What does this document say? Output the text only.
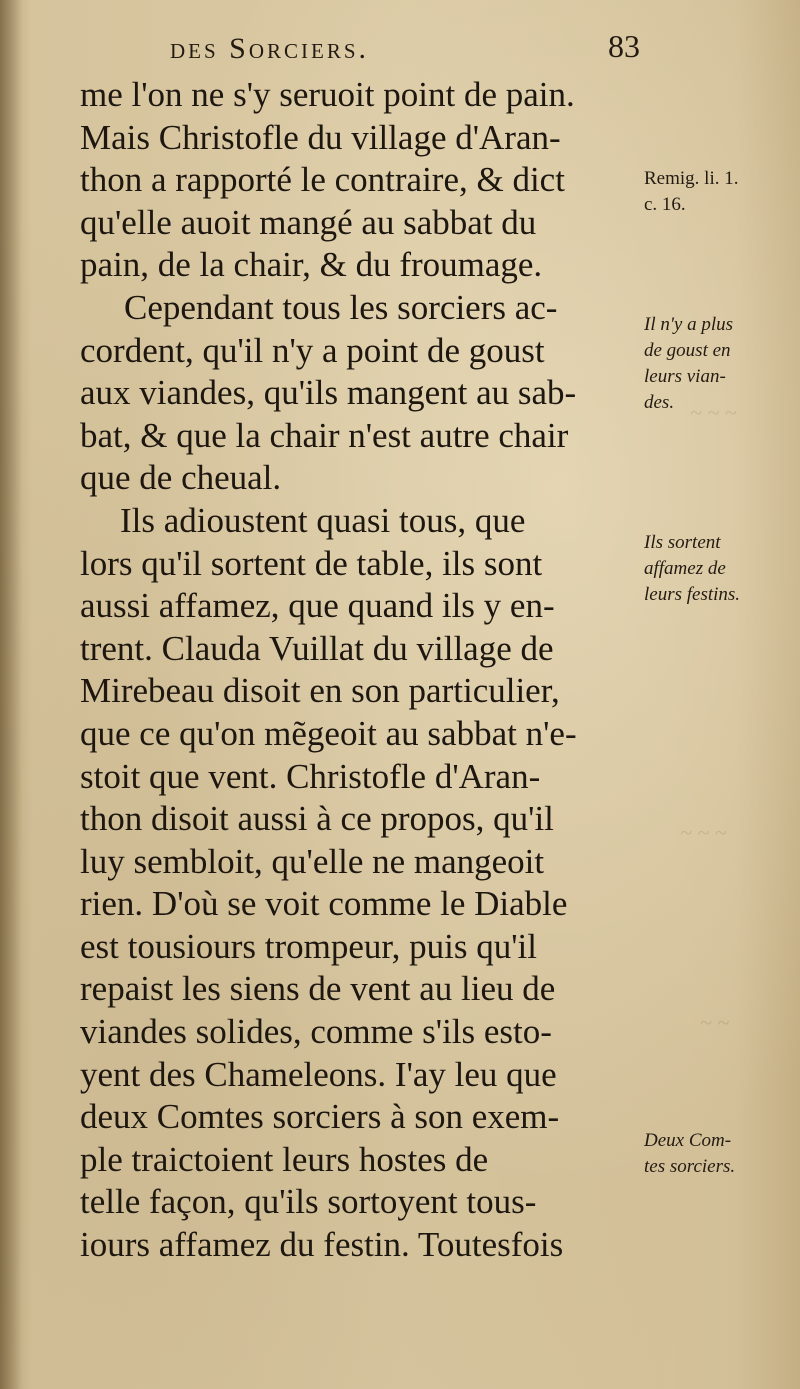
~ ~ ~
~ ~ ~
~ ~
des Sorciers.	83
me l'on ne s'y seruoit point de pain.
Mais Christofle du village d'Aran-
thon a rapporté le contraire, & dict
qu'elle auoit mangé au sabbat du
pain, de la chair, & du froumage.
Cependant tous les sorciers ac-
cordent, qu'il n'y a point de goust
aux viandes, qu'ils mangent au sab-
bat, & que la chair n'est autre chair
que de cheual.
Ils adioustent quasi tous, que
lors qu'il sortent de table, ils sont
aussi affamez, que quand ils y en-
trent. Clauda Vuillat du village de
Mirebeau disoit en son particulier,
que ce qu'on mẽgeoit au sabbat n'e-
stoit que vent. Christofle d'Aran-
thon disoit aussi à ce propos, qu'il
luy sembloit, qu'elle ne mangeoit
rien. D'où se voit comme le Diable
est tousiours trompeur, puis qu'il
repaist les siens de vent au lieu de
viandes solides, comme s'ils esto-
yent des Chameleons. I'ay leu que
deux Comtes sorciers à son exem-
ple traictoient leurs hostes de
telle façon, qu'ils sortoyent tous-
iours affamez du festin. Toutesfois
Remig. li. 1.
c. 16.
Il n'y a plus
de goust en
leurs vian-
des.
Ils sortent
affamez de
leurs festins.
Deux Com-
tes sorciers.
